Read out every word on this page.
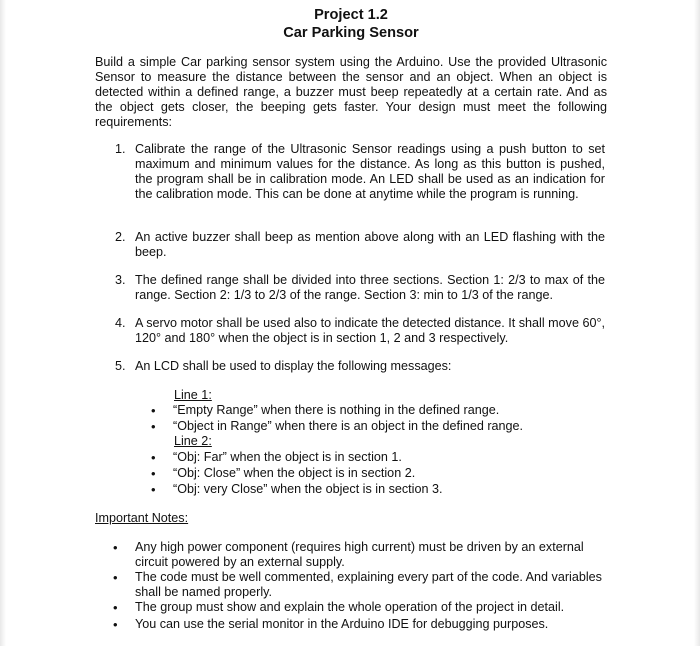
Project 1.2
Car Parking Sensor

Build a simple Car parking sensor system using the Arduino. Use the provided Ultrasonic Sensor to measure the distance between the sensor and an object. When an object is detected within a defined range, a buzzer must beep repeatedly at a certain rate. And as the object gets closer, the beeping gets faster. Your design must meet the following requirements:

1. Calibrate the range of the Ultrasonic Sensor readings using a push button to set maximum and minimum values for the distance. As long as this button is pushed, the program shall be in calibration mode. An LED shall be used as an indication for the calibration mode. This can be done at anytime while the program is running.
2. An active buzzer shall beep as mention above along with an LED flashing with the beep.
3. The defined range shall be divided into three sections. Section 1: 2/3 to max of the range. Section 2: 1/3 to 2/3 of the range. Section 3: min to 1/3 of the range.
4. A servo motor shall be used also to indicate the detected distance. It shall move 60°, 120° and 180° when the object is in section 1, 2 and 3 respectively.
5. An LCD shall be used to display the following messages:
Line 1:
• “Empty Range” when there is nothing in the defined range.
• “Object in Range” when there is an object in the defined range.
Line 2:
• “Obj: Far” when the object is in section 1.
• “Obj: Close” when the object is in section 2.
• “Obj: very Close” when the object is in section 3.
Important Notes:
• Any high power component (requires high current) must be driven by an external circuit powered by an external supply.
• The code must be well commented, explaining every part of the code. And variables shall be named properly.
• The group must show and explain the whole operation of the project in detail.
• You can use the serial monitor in the Arduino IDE for debugging purposes.
